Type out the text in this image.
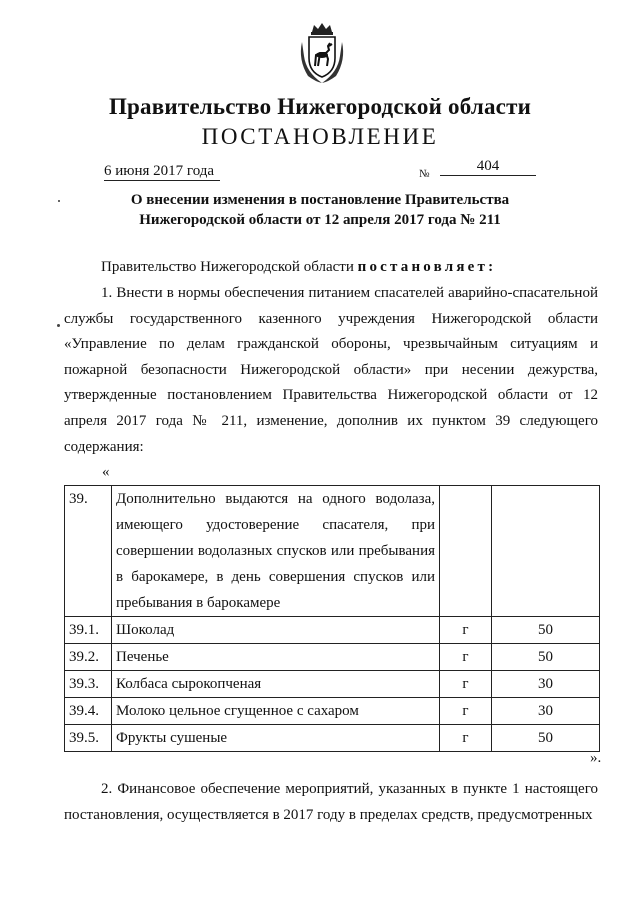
Правительство Нижегородской области
ПОСТАНОВЛЕНИЕ
6 июня 2017 года	№	404
О внесении изменения в постановление Правительства
Нижегородской области от 12 апреля 2017 года № 211
Правительство Нижегородской области постановляет:
1. Внести в нормы обеспечения питанием спасателей аварийно-спасательной службы государственного казенного учреждения Нижегородской области «Управление по делам гражданской обороны, чрезвычайным ситуациям и пожарной безопасности Нижегородской области» при несении дежурства, утвержденные постановлением Правительства Нижегородской области от 12 апреля 2017 года № 211, изменение, дополнив их пунктом 39 следующего содержания:
«
39.	Дополнительно выдаются на одного водолаза, имеющего удостоверение спасателя, при совершении водолазных спусков или пребывания в барокамере, в день совершения спусков или пребывания в барокамере		
39.1.	Шоколад	г	50
39.2.	Печенье	г	50
39.3.	Колбаса сырокопченая	г	30
39.4.	Молоко цельное сгущенное с сахаром	г	30
39.5.	Фрукты сушеные	г	50
».
2. Финансовое обеспечение мероприятий, указанных в пункте 1 настоящего постановления, осуществляется в 2017 году в пределах средств, предусмотренных
